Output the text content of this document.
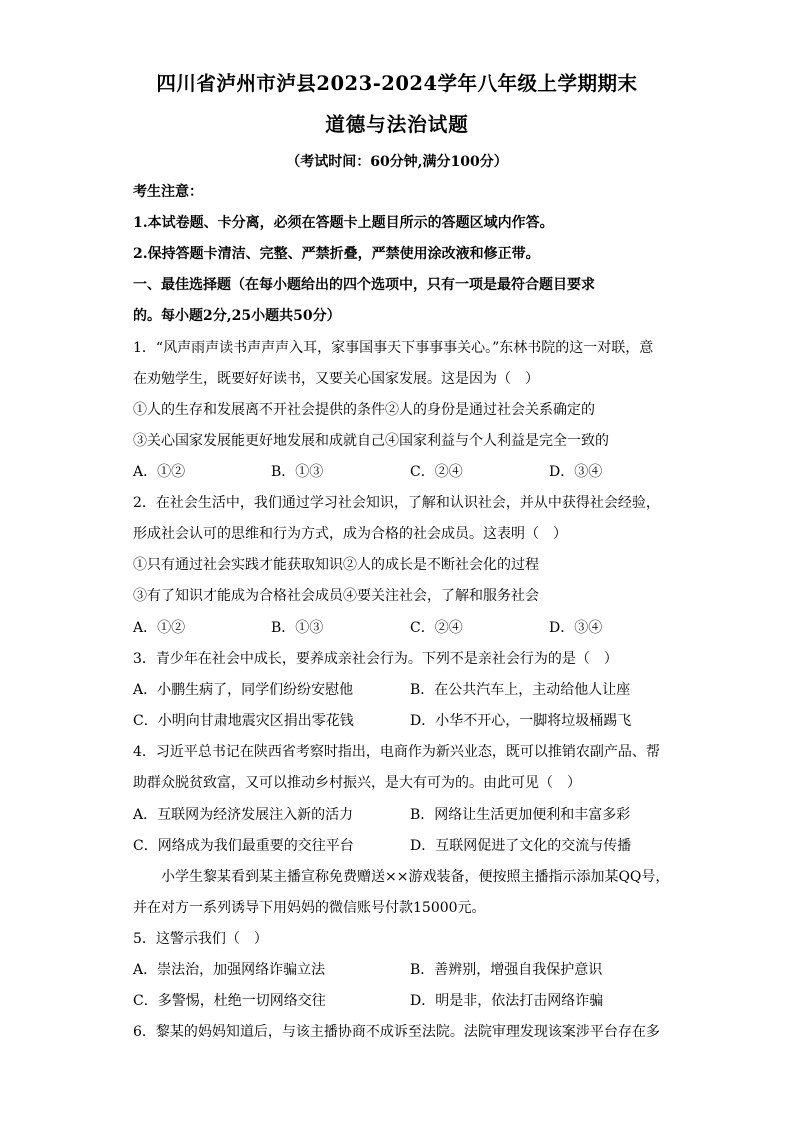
四川省泸州市泸县2023-2024学年八年级上学期期末
道德与法治试题
（考试时间：60分钟,满分100分）
考生注意：
1.本试卷题、卡分离，必须在答题卡上题目所示的答题区域内作答。
2.保持答题卡清洁、完整、严禁折叠，严禁使用涂改液和修正带。
一、最佳选择题（在每小题给出的四个选项中，只有一项是最符合题目要求
的。每小题2分,25小题共50分）
1．“风声雨声读书声声声入耳，家事国事天下事事事关心。”东林书院的这一对联，意
在劝勉学生，既要好好读书，又要关心国家发展。这是因为（　）
①人的生存和发展离不开社会提供的条件②人的身份是通过社会关系确定的
③关心国家发展能更好地发展和成就自己④国家利益与个人利益是完全一致的
A．①②	B．①③	C．②④	D．③④
2．在社会生活中，我们通过学习社会知识，了解和认识社会，并从中获得社会经验，
形成社会认可的思维和行为方式，成为合格的社会成员。这表明（　）
①只有通过社会实践才能获取知识②人的成长是不断社会化的过程
③有了知识才能成为合格社会成员④要关注社会，了解和服务社会
A．①②	B．①③	C．②④	D．③④
3．青少年在社会中成长，要养成亲社会行为。下列不是亲社会行为的是（　）
A．小鹏生病了，同学们纷纷安慰他	B．在公共汽车上，主动给他人让座
C．小明向甘肃地震灾区捐出零花钱	D．小华不开心，一脚将垃圾桶踢飞
4．习近平总书记在陕西省考察时指出，电商作为新兴业态，既可以推销农副产品、帮
助群众脱贫致富，又可以推动乡村振兴，是大有可为的。由此可见（　）
A．互联网为经济发展注入新的活力	B．网络让生活更加便利和丰富多彩
C．网络成为我们最重要的交往平台	D．互联网促进了文化的交流与传播
小学生黎某看到某主播宣称免费赠送××游戏装备，便按照主播指示添加某QQ号，
并在对方一系列诱导下用妈妈的微信账号付款15000元。
5．这警示我们（　）
A．崇法治，加强网络诈骗立法	B．善辨别，增强自我保护意识
C．多警惕，杜绝一切网络交往	D．明是非，依法打击网络诈骗
6．黎某的妈妈知道后，与该主播协商不成诉至法院。法院审理发现该案涉平台存在多
